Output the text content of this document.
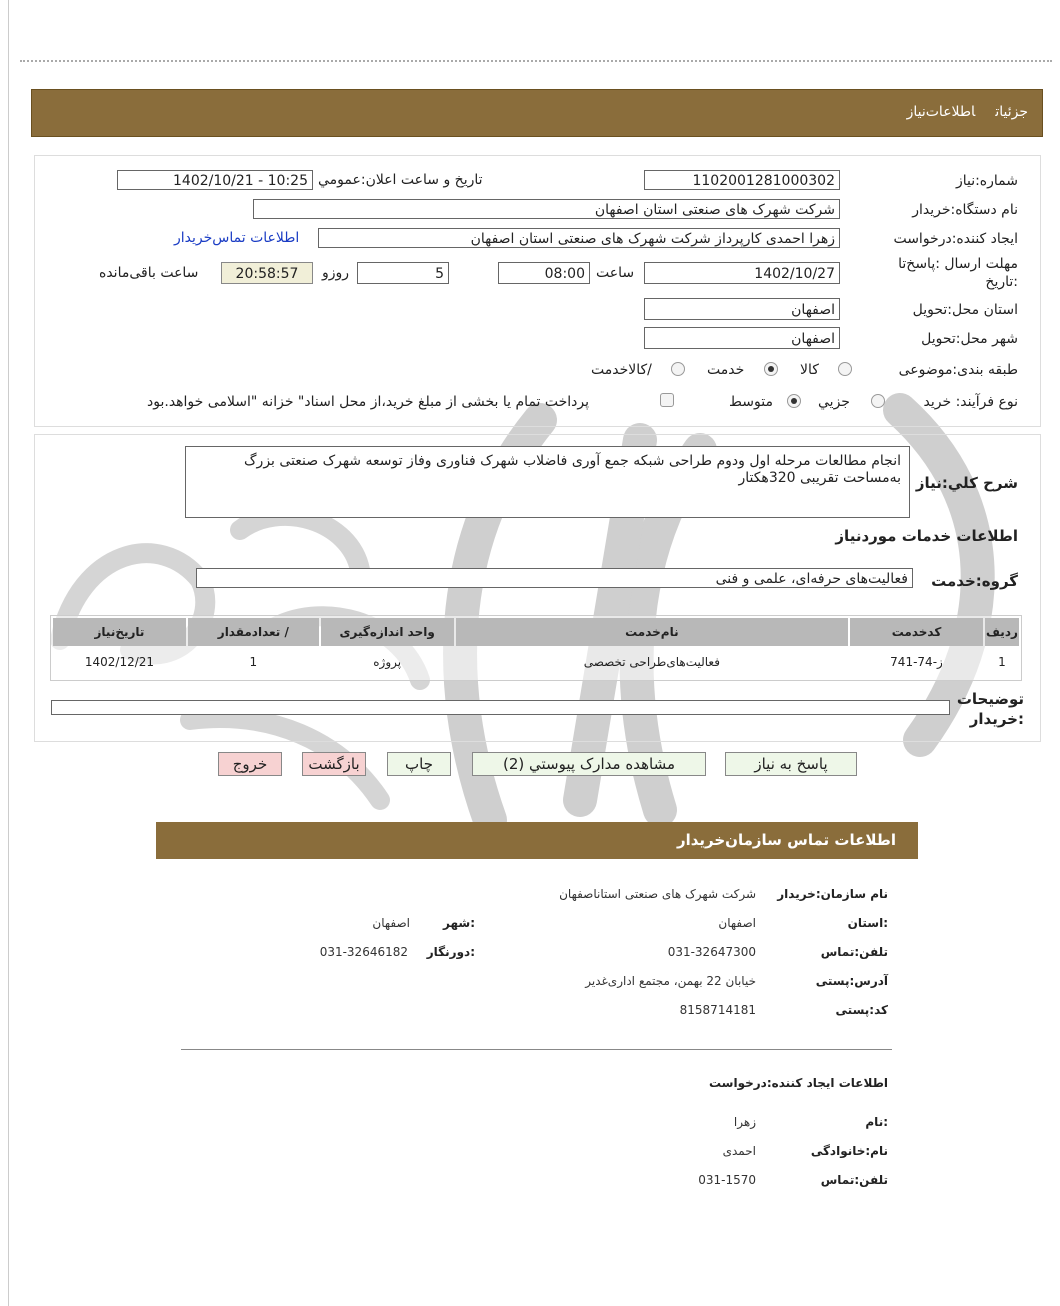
جزئیاتاطلاعات‌نیاز
شماره:نیاز
1102001281000302
تاریخ و ساعت اعلان:عمومي
1402/10/21 - 10:25
نام دستگاه:خریدار
شرکت شهرک های صنعتی استان اصفهان
ایجاد کننده:درخواست
زهرا احمدی کارپرداز شرکت شهرک های صنعتی استان اصفهان
اطلاعات تماس‌خریدار
مهلت ارسال :پاسخ‌تا
:تاریخ
1402/10/27
ساعت
08:00
5
روزو
20:58:57
ساعت باقی‌مانده
استان محل:تحویل
اصفهان
شهر محل:تحویل
اصفهان
طبقه بندی:موضوعی
کالا
خدمت
/کالاخدمت
نوع فرآیند: خرید
جزیي
متوسط
پرداخت تمام یا بخشی از مبلغ خرید،از محل اسناد" خزانه "اسلامی خواهد.بود
شرح كلي:نیاز
انجام مطالعات مرحله اول ودوم طراحی شبکه جمع آوری فاضلاب شهرک فناوری وفاز توسعه شهرک صنعتی بزرگ به‌مساحت تقریبی 320هکتار
اطلاعات خدمات موردنیاز
گروه:خدمت
فعالیت‌های حرفه‌ای، علمی و فنی
ردیف	کدخدمت	نام‌خدمت	واحد اندازه‌گیری	/ تعدادمقدار	تاریخ‌نیاز
1	ز-74-741	فعالیت‌های‌طراحی تخصصی	پروژه	1	1402/12/21
توضیحات
:خریدار
پاسخ به نیاز
مشاهده مدارک پیوستي (2)
چاپ
بازگشت
خروج
اطلاعات تماس سازمان‌خریدار
نام سازمان:خریدار
شرکت شهرک های صنعتی استاناصفهان
:استان
اصفهان
:شهر
اصفهان
تلفن:تماس
031-32647300
:دورنگار
031-32646182
آدرس:پستی
خیابان 22 بهمن، مجتمع اداری‌غدیر
کد:پستی
8158714181
اطلاعات ایجاد کننده:درخواست
:نام
زهرا
نام:خانوادگی
احمدی
تلفن:تماس
031-1570
